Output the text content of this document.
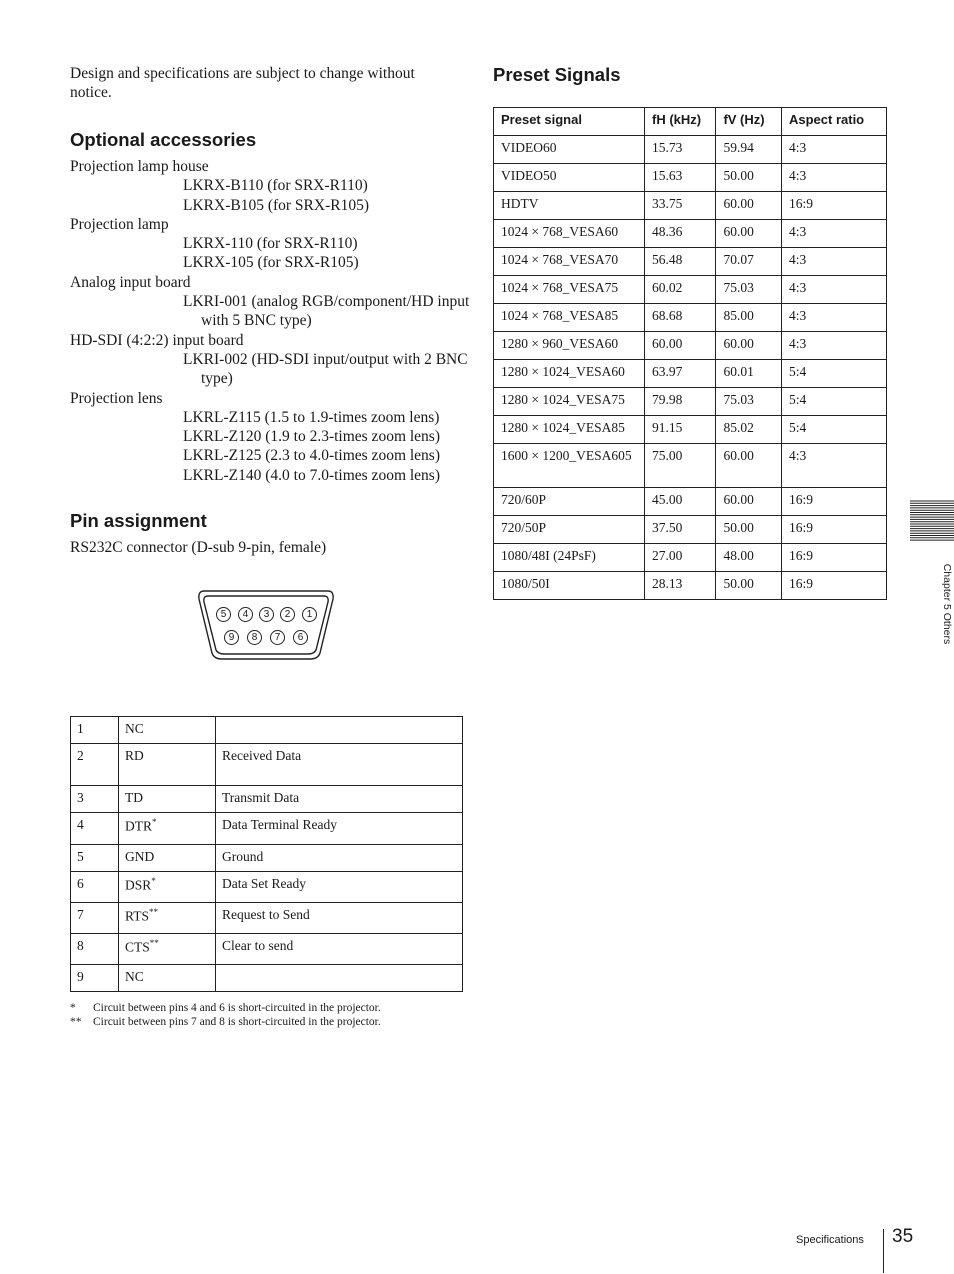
Design and specifications are subject to change without notice.
Optional accessories
Projection lamp house
LKRX-B110 (for SRX-R110)
LKRX-B105 (for SRX-R105)
Projection lamp
LKRX-110 (for SRX-R110)
LKRX-105 (for SRX-R105)
Analog input board
LKRI-001 (analog RGB/component/HD input with 5 BNC type)
HD-SDI (4:2:2) input board
LKRI-002 (HD-SDI input/output with 2 BNC type)
Projection lens
LKRL-Z115 (1.5 to 1.9-times zoom lens)
LKRL-Z120 (1.9 to 2.3-times zoom lens)
LKRL-Z125 (2.3 to 4.0-times zoom lens)
LKRL-Z140 (4.0 to 7.0-times zoom lens)
Pin assignment
RS232C connector (D-sub 9-pin, female)
5	4	3	2	1
9	8	7	6
1	NC	
2	RD	Received Data
3	TD	Transmit Data
4	DTR*	Data Terminal Ready
5	GND	Ground
6	DSR*	Data Set Ready
7	RTS**	Request to Send
8	CTS**	Clear to send
9	NC	
*	Circuit between pins 4 and 6 is short-circuited in the projector.
**	Circuit between pins 7 and 8 is short-circuited in the projector.
Preset Signals
Preset signal	fH (kHz)	fV (Hz)	Aspect ratio
VIDEO60	15.73	59.94	4:3
VIDEO50	15.63	50.00	4:3
HDTV	33.75	60.00	16:9
1024 × 768_VESA60	48.36	60.00	4:3
1024 × 768_VESA70	56.48	70.07	4:3
1024 × 768_VESA75	60.02	75.03	4:3
1024 × 768_VESA85	68.68	85.00	4:3
1280 × 960_VESA60	60.00	60.00	4:3
1280 × 1024_VESA60	63.97	60.01	5:4
1280 × 1024_VESA75	79.98	75.03	5:4
1280 × 1024_VESA85	91.15	85.02	5:4
1600 × 1200_VESA605	75.00	60.00	4:3
720/60P	45.00	60.00	16:9
720/50P	37.50	50.00	16:9
1080/48I (24PsF)	27.00	48.00	16:9
1080/50I	28.13	50.00	16:9	Chapter 5 Others
Specifications 35
